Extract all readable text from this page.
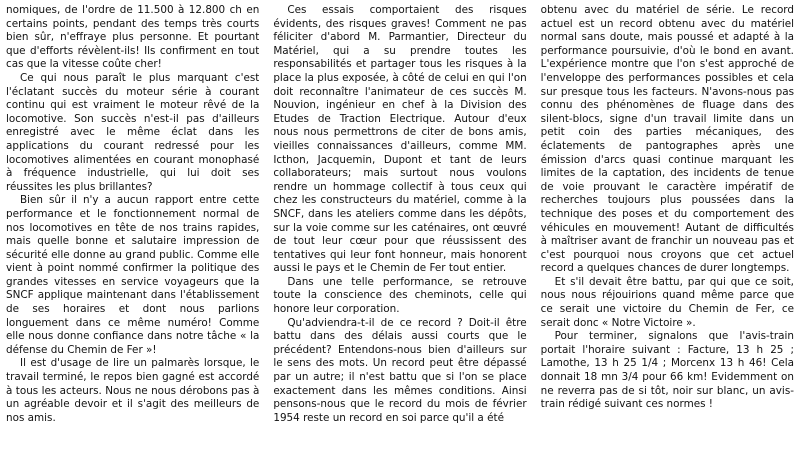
nomiques, de l'ordre de 11.500 à 12.800 ch en certains points, pendant des temps très courts bien sûr, n'effraye plus personne. Et pourtant que d'efforts révèlent-ils! Ils confirment en tout cas que la vitesse coûte cher!

Ce qui nous paraît le plus marquant c'est l'éclatant succès du moteur série à courant continu qui est vraiment le moteur rêvé de la locomotive. Son succès n'est-il pas d'ailleurs enregistré avec le même éclat dans les applications du courant redressé pour les locomotives alimentées en courant monophasé à fréquence industrielle, qui lui doit ses réussites les plus brillantes?

Bien sûr il n'y a aucun rapport entre cette performance et le fonctionnement normal de nos locomotives en tête de nos trains rapides, mais quelle bonne et salutaire impression de sécurité elle donne au grand public. Comme elle vient à point nommé confirmer la politique des grandes vitesses en service voyageurs que la SNCF applique maintenant dans l'établissement de ses horaires et dont nous parlions longuement dans ce même numéro! Comme elle nous donne confiance dans notre tâche « la défense du Chemin de Fer »!

Il est d'usage de lire un palmarès lorsque, le travail terminé, le repos bien gagné est accordé à tous les acteurs. Nous ne nous dérobons pas à un agréable devoir et il s'agit des meilleurs de nos amis.

Ces essais comportaient des risques évidents, des risques graves! Comment ne pas féliciter d'abord M. Parmantier, Directeur du Matériel, qui a su prendre toutes les responsabilités et partager tous les risques à la place la plus exposée, à côté de celui en qui l'on doit reconnaître l'animateur de ces succès M. Nouvion, ingénieur en chef à la Division des Etudes de Traction Electrique. Autour d'eux nous nous permettrons de citer de bons amis, vieilles connaissances d'ailleurs, comme MM. Icthon, Jacquemin, Dupont et tant de leurs collaborateurs; mais surtout nous voulons rendre un hommage collectif à tous ceux qui chez les constructeurs du matériel, comme à la SNCF, dans les ateliers comme dans les dépôts, sur la voie comme sur les caténaires, ont œuvré de tout leur cœur pour que réussissent des tentatives qui leur font honneur, mais honorent aussi le pays et le Chemin de Fer tout entier.

Dans une telle performance, se retrouve toute la conscience des cheminots, celle qui honore leur corporation.

Qu'adviendra-t-il de ce record ? Doit-il être battu dans des délais aussi courts que le précédent? Entendons-nous bien d'ailleurs sur le sens des mots. Un record peut être dépassé par un autre; il n'est battu que si l'on se place exactement dans les mêmes conditions. Ainsi pensons-nous que le record du mois de février 1954 reste un record en soi parce qu'il a été

obtenu avec du matériel de série. Le record actuel est un record obtenu avec du matériel normal sans doute, mais poussé et adapté à la performance poursuivie, d'où le bond en avant. L'expérience montre que l'on s'est approché de l'enveloppe des performances possibles et cela sur presque tous les facteurs. N'avons-nous pas connu des phénomènes de fluage dans des silent-blocs, signe d'un travail limite dans un petit coin des parties mécaniques, des éclatements de pantographes après une émission d'arcs quasi continue marquant les limites de la captation, des incidents de tenue de voie prouvant le caractère impératif de recherches toujours plus poussées dans la technique des poses et du comportement des véhicules en mouvement! Autant de difficultés à maîtriser avant de franchir un nouveau pas et c'est pourquoi nous croyons que cet actuel record a quelques chances de durer longtemps.

Et s'il devait être battu, par qui que ce soit, nous nous réjouirions quand même parce que ce serait une victoire du Chemin de Fer, ce serait donc « Notre Victoire ».

Pour terminer, signalons que l'avis-train portait l'horaire suivant : Facture, 13 h 25 ; Lamothe, 13 h 25 1/4 ; Morcenx 13 h 46! Cela donnait 18 mn 3/4 pour 66 km! Evidemment on ne reverra pas de si tôt, noir sur blanc, un avis-train rédigé suivant ces normes !
